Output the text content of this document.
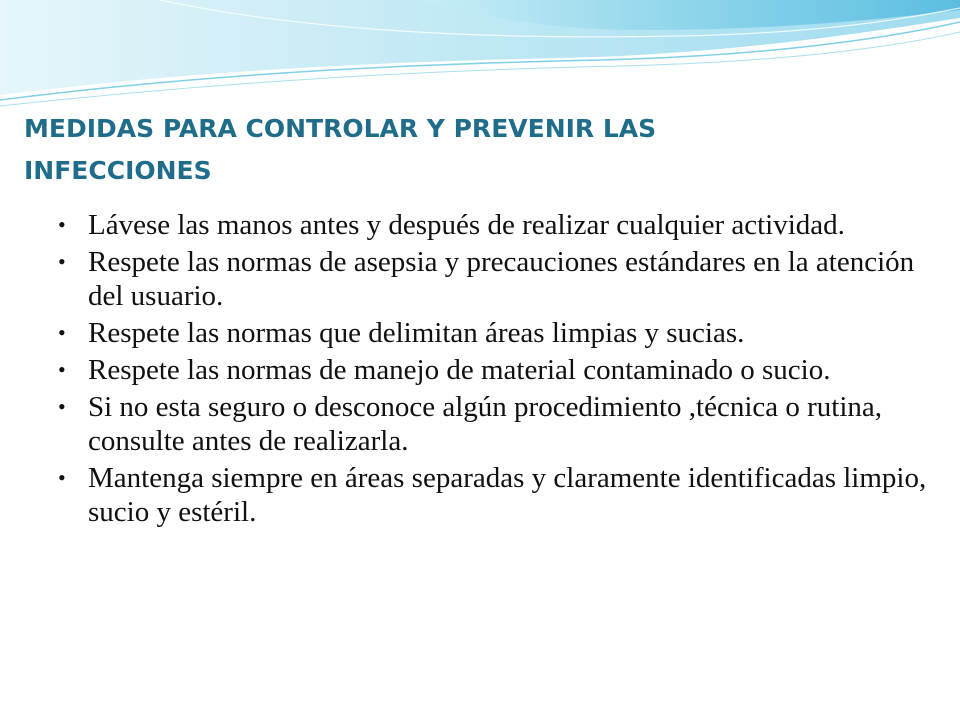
MEDIDAS PARA CONTROLAR Y PREVENIR LAS INFECCIONES
• Lávese las manos antes y después de realizar cualquier actividad.
• Respete las normas de asepsia y precauciones estándares en la atención del usuario.
• Respete las normas que delimitan áreas limpias y sucias.
• Respete las normas de manejo de material contaminado o sucio.
• Si no esta seguro o desconoce algún procedimiento ,técnica o rutina, consulte antes de realizarla.
• Mantenga siempre en áreas separadas y claramente identificadas limpio, sucio y estéril.
